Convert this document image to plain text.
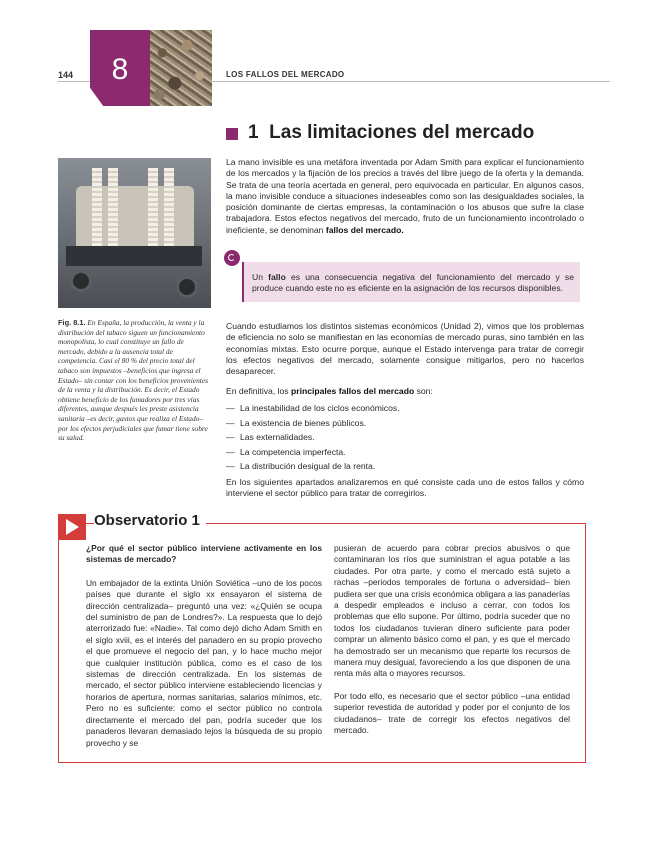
144	8	LOS FALLOS DEL MERCADO
1 Las limitaciones del mercado
La mano invisible es una metáfora inventada por Adam Smith para explicar el funcionamiento de los mercados y la fijación de los precios a través del libre juego de la oferta y la demanda. Se trata de una teoría acertada en general, pero equivocada en particular. En algunos casos, la mano invisible conduce a situaciones indeseables como son las desigualdades sociales, la posición dominante de ciertas empresas, la contaminación o los abusos que sufre la clase trabajadora. Estos efectos negativos del mercado, fruto de un funcionamiento incontrolado o ineficiente, se denominan fallos del mercado.
Fig. 8.1. En España, la producción, la venta y la distribución del tabaco siguen un funcionamiento monopolista, lo cual constituye un fallo de mercado, debido a la ausencia total de competencia. Casi el 80 % del precio total del tabaco son impuestos –beneficios que ingresa el Estado– sin contar con los beneficios provenientes de la venta y la distribución. Es decir, el Estado obtiene beneficio de los fumadores por tres vías diferentes, aunque después les preste asistencia sanitaria –es decir, gastos que realiza el Estado– por los efectos perjudiciales que fumar tiene sobre su salud.
Un fallo es una consecuencia negativa del funcionamiento del mercado y se produce cuando este no es eficiente en la asignación de los recursos disponibles.
Cuando estudiamos los distintos sistemas económicos (Unidad 2), vimos que los problemas de eficiencia no solo se manifiestan en las economías de mercado puras, sino también en las economías mixtas. Esto ocurre porque, aunque el Estado intervenga para tratar de corregir los efectos negativos del mercado, solamente consigue mitigarlos, pero no hacerlos desaparecer.
En definitiva, los principales fallos del mercado son:
— La inestabilidad de los ciclos económicos.
— La existencia de bienes públicos.
— Las externalidades.
— La competencia imperfecta.
— La distribución desigual de la renta.
En los siguientes apartados analizaremos en qué consiste cada uno de estos fallos y cómo interviene el sector público para tratar de corregirlos.
Observatorio 1
¿Por qué el sector público interviene activamente en los sistemas de mercado?
Un embajador de la extinta Unión Soviética –uno de los pocos países que durante el siglo xx ensayaron el sistema de dirección centralizada– preguntó una vez: «¿Quién se ocupa del suministro de pan de Londres?». La respuesta que lo dejó aterrorizado fue: «Nadie». Tal como dejó dicho Adam Smith en el siglo xviii, es el interés del panadero en su propio provecho el que promueve el negocio del pan, y lo hace mucho mejor que cualquier institución pública, como es el caso de los sistemas de dirección centralizada. En los sistemas de mercado, el sector público interviene estableciendo licencias y horarios de apertura, normas sanitarias, salarios mínimos, etc. Pero no es suficiente: como el sector público no controla directamente el mercado del pan, podría suceder que los panaderos llevaran demasiado lejos la búsqueda de su propio provecho y se
pusieran de acuerdo para cobrar precios abusivos o que contaminaran los ríos que suministran el agua potable a las ciudades. Por otra parte, y como el mercado está sujeto a rachas –periodos temporales de fortuna o adversidad– bien pudiera ser que una crisis económica obligara a las panaderías a despedir empleados e incluso a cerrar, con todos los problemas que ello supone. Por último, podría suceder que no todos los ciudadanos tuvieran dinero suficiente para poder comprar un alimento básico como el pan, y es que el mercado ha demostrado ser un mecanismo que reparte los recursos de manera muy desigual, favoreciendo a los que disponen de una renta más alta o mayores recursos.
Por todo ello, es necesario que el sector público –una entidad superior revestida de autoridad y poder por el conjunto de los ciudadanos– trate de corregir los efectos negativos del mercado.
